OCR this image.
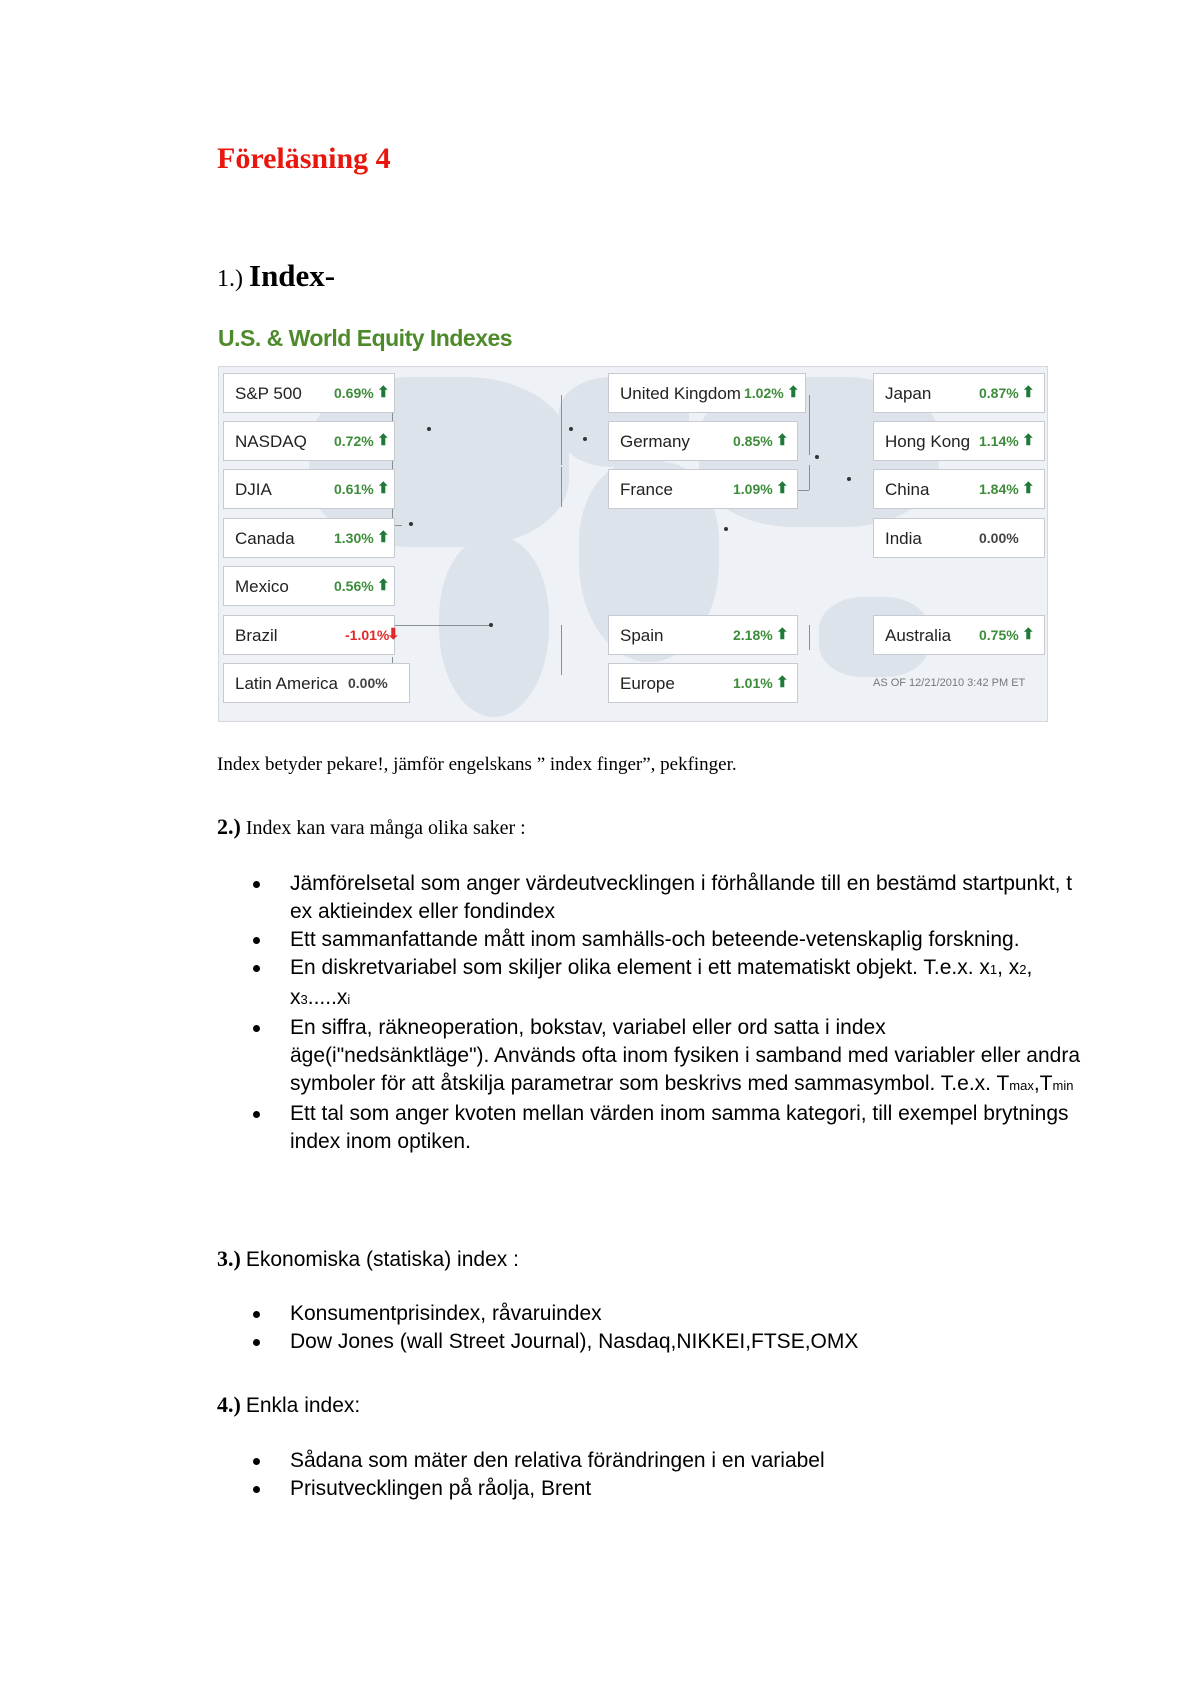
Föreläsning 4
1.) Index-
U.S. & World Equity Indexes
S&P 500 0.69% ⬆
NASDAQ 0.72% ⬆
DJIA	0.61% ⬆
Canada	1.30% ⬆
Mexico	0.56% ⬆
Brazil	-1.01%
⬇
Latin America 0.00%
United Kingdom 1.02% ⬆
Germany	0.85% ⬆
France	1.09% ⬆
Spain	2.18% ⬆
Europe	1.01% ⬆
Japan	0.87% ⬆
Hong Kong 1.14% ⬆
China	1.84% ⬆
India	0.00%
Australia 0.75% ⬆
AS OF 12/21/2010 3:42 PM ET
Index betyder pekare!, jämför engelskans ” index finger”, pekfinger.
2.) Index kan vara många olika saker :
Jämförelsetal som anger värdeutvecklingen i förhållande till en bestämd startpunkt, t ex aktieindex eller fondindex
Ett sammanfattande mått inom samhälls-och beteende-vetenskaplig forskning.
En diskretvariabel som skiljer olika element i ett matematiskt objekt. T.e.x. x1, x2, x3.....xi
En siffra, räkneoperation, bokstav, variabel eller ord satta i index äge(i"nedsänktläge"). Används ofta inom fysiken i samband med variabler eller andra symboler för att åtskilja parametrar som beskrivs med sammasymbol. T.e.x. Tmax,Tmin
Ett tal som anger kvoten mellan värden inom samma kategori, till exempel brytnings index inom optiken.
3.) Ekonomiska (statiska) index :
Konsumentprisindex, råvaruindex
Dow Jones (wall Street Journal), Nasdaq,NIKKEI,FTSE,OMX
4.) Enkla index:
Sådana som mäter den relativa förändringen i en variabel
Prisutvecklingen på råolja, Brent
